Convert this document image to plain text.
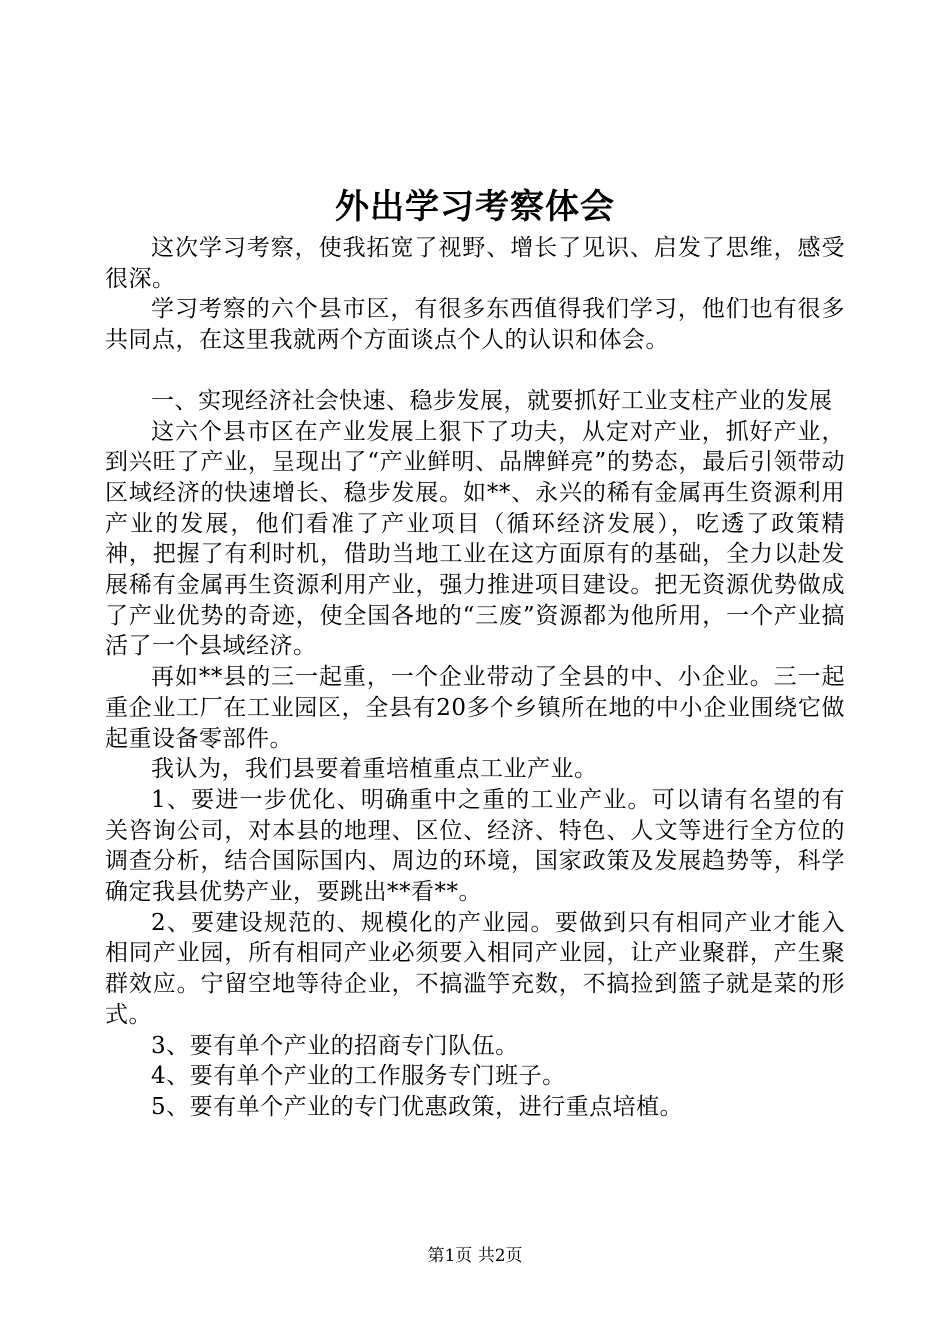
外出学习考察体会

这次学习考察，使我拓宽了视野、增长了见识、启发了思维，感受很深。

学习考察的六个县市区，有很多东西值得我们学习，他们也有很多共同点，在这里我就两个方面谈点个人的认识和体会。

一、实现经济社会快速、稳步发展，就要抓好工业支柱产业的发展

这六个县市区在产业发展上狠下了功夫，从定对产业，抓好产业，到兴旺了产业，呈现出了“产业鲜明、品牌鲜亮”的势态，最后引领带动区域经济的快速增长、稳步发展。如**、永兴的稀有金属再生资源利用产业的发展，他们看准了产业项目（循环经济发展），吃透了政策精神，把握了有利时机，借助当地工业在这方面原有的基础，全力以赴发展稀有金属再生资源利用产业，强力推进项目建设。把无资源优势做成了产业优势的奇迹，使全国各地的“三废”资源都为他所用，一个产业搞活了一个县域经济。

再如**县的三一起重，一个企业带动了全县的中、小企业。三一起重企业工厂在工业园区，全县有20多个乡镇所在地的中小企业围绕它做起重设备零部件。

我认为，我们县要着重培植重点工业产业。

1、要进一步优化、明确重中之重的工业产业。可以请有名望的有关咨询公司，对本县的地理、区位、经济、特色、人文等进行全方位的调查分析，结合国际国内、周边的环境，国家政策及发展趋势等，科学确定我县优势产业，要跳出**看**。

2、要建设规范的、规模化的产业园。要做到只有相同产业才能入相同产业园，所有相同产业必须要入相同产业园，让产业聚群，产生聚群效应。宁留空地等待企业，不搞滥竽充数，不搞捡到篮子就是菜的形式。

3、要有单个产业的招商专门队伍。

4、要有单个产业的工作服务专门班子。

5、要有单个产业的专门优惠政策，进行重点培植。

第1页 共2页
